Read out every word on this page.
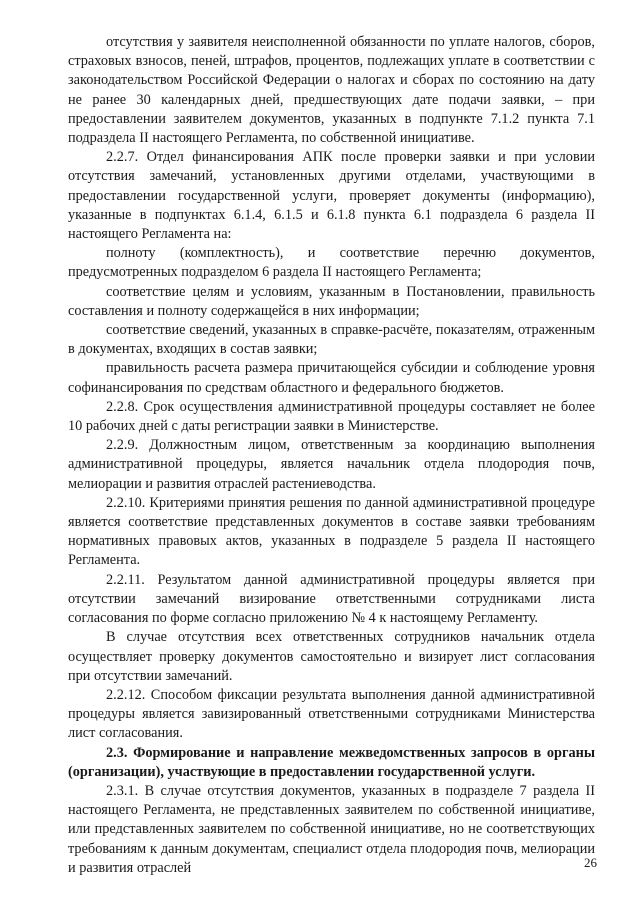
отсутствия у заявителя неисполненной обязанности по уплате налогов, сборов, страховых взносов, пеней, штрафов, процентов, подлежащих уплате в соответствии с законодательством Российской Федерации о налогах и сборах по состоянию на дату не ранее 30 календарных дней, предшествующих дате подачи заявки, – при предоставлении заявителем документов, указанных в подпункте 7.1.2 пункта 7.1 подраздела II настоящего Регламента, по собственной инициативе.

2.2.7. Отдел финансирования АПК после проверки заявки и при условии отсутствия замечаний, установленных другими отделами, участвующими в предоставлении государственной услуги, проверяет документы (информацию), указанные в подпунктах 6.1.4, 6.1.5 и 6.1.8 пункта 6.1 подраздела 6 раздела II настоящего Регламента на:

полноту (комплектность), и соответствие перечню документов, предусмотренных подразделом 6 раздела II настоящего Регламента;

соответствие целям и условиям, указанным в Постановлении, правильность составления и полноту содержащейся в них информации;

соответствие сведений, указанных в справке-расчёте, показателям, отраженным в документах, входящих в состав заявки;

правильность расчета размера причитающейся субсидии и соблюдение уровня софинансирования по средствам областного и федерального бюджетов.

2.2.8. Срок осуществления административной процедуры составляет не более 10 рабочих дней с даты регистрации заявки в Министерстве.

2.2.9. Должностным лицом, ответственным за координацию выполнения административной процедуры, является начальник отдела плодородия почв, мелиорации и развития отраслей растениеводства.

2.2.10. Критериями принятия решения по данной административной процедуре является соответствие представленных документов в составе заявки требованиям нормативных правовых актов, указанных в подразделе 5 раздела II настоящего Регламента.

2.2.11. Результатом данной административной процедуры является при отсутствии замечаний визирование ответственными сотрудниками листа согласования по форме согласно приложению № 4 к настоящему Регламенту.

В случае отсутствия всех ответственных сотрудников начальник отдела осуществляет проверку документов самостоятельно и визирует лист согласования при отсутствии замечаний.

2.2.12. Способом фиксации результата выполнения данной административной процедуры является завизированный ответственными сотрудниками Министерства лист согласования.

2.3. Формирование и направление межведомственных запросов в органы (организации), участвующие в предоставлении государственной услуги.

2.3.1. В случае отсутствия документов, указанных в подразделе 7 раздела II настоящего Регламента, не представленных заявителем по собственной инициативе, или представленных заявителем по собственной инициативе, но не соответствующих требованиям к данным документам, специалист отдела плодородия почв, мелиорации и развития отраслей	26
